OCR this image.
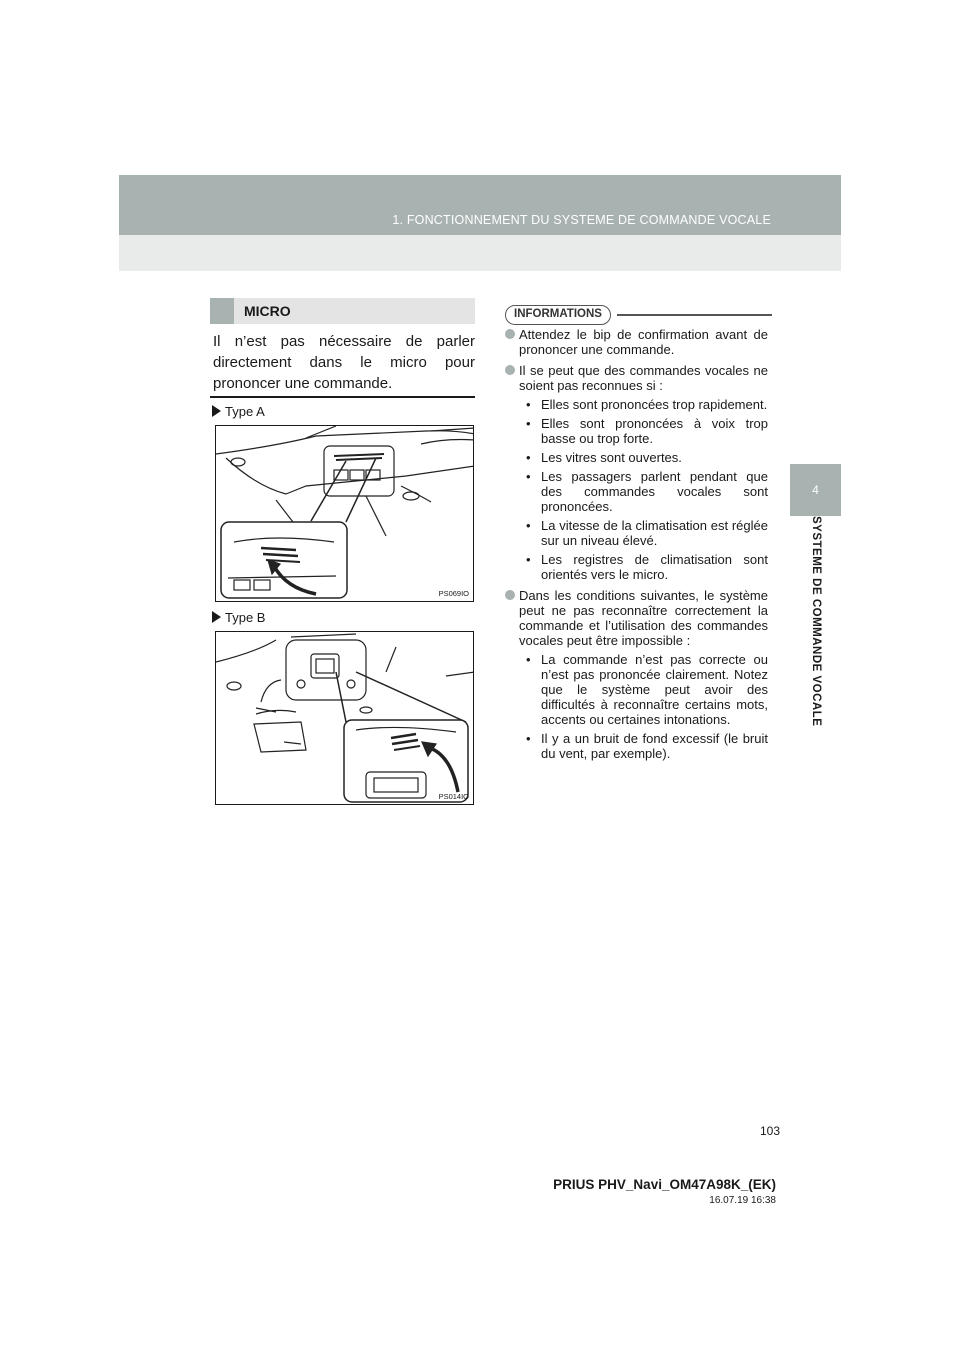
1. FONCTIONNEMENT DU SYSTEME DE COMMANDE VOCALE
4
SYSTEME DE COMMANDE VOCALE
MICRO
Il n’est pas nécessaire de parler directement dans le micro pour prononcer une commande.
Type A
PS069IO
Type B
PS014IO
INFORMATIONS
Attendez le bip de confirmation avant de prononcer une commande.
Il se peut que des commandes vocales ne soient pas reconnues si :
• Elles sont prononcées trop rapidement.
• Elles sont prononcées à voix trop basse ou trop forte.
• Les vitres sont ouvertes.
• Les passagers parlent pendant que des commandes vocales sont prononcées.
• La vitesse de la climatisation est réglée sur un niveau élevé.
• Les registres de climatisation sont orientés vers le micro.
Dans les conditions suivantes, le système peut ne pas reconnaître correctement la commande et l’utilisation des commandes vocales peut être impossible :
• La commande n’est pas correcte ou n’est pas prononcée clairement. Notez que le système peut avoir des difficultés à reconnaître certains mots, accents ou certaines intonations.
• Il y a un bruit de fond excessif (le bruit du vent, par exemple).
103
PRIUS PHV_Navi_OM47A98K_(EK)
16.07.19 16:38
